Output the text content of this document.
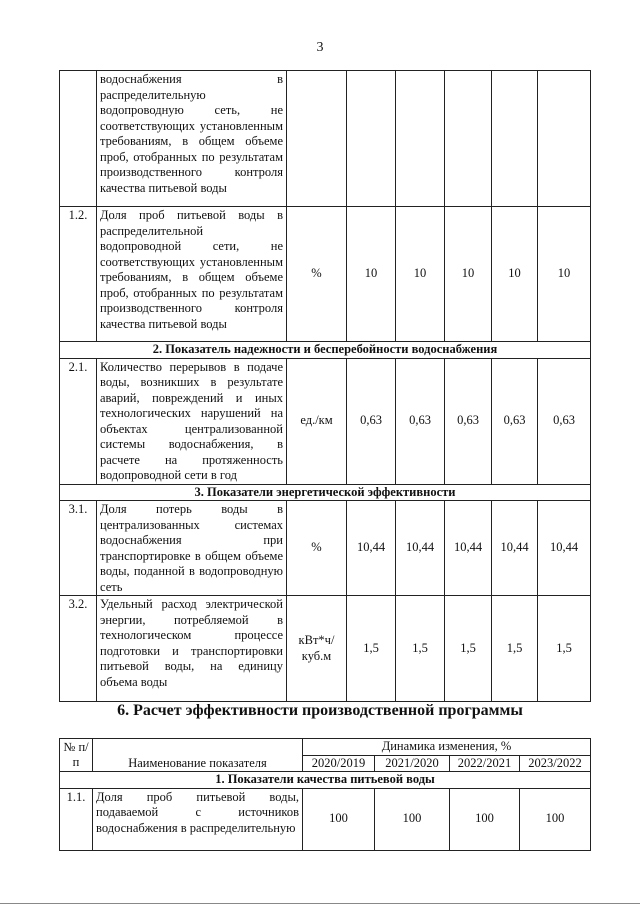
3
	водоснабжения в распределительную водопроводную сеть, не соответствующих установленным требованиям, в общем объеме проб, отобранных по результатам производственного контроля качества питьевой воды						
1.2.	Доля проб питьевой воды в распределительной водопроводной сети, не соответствующих установленным требованиям, в общем объеме проб, отобранных по результатам производственного контроля качества питьевой воды	%	10	10	10	10	10
2. Показатель надежности и бесперебойности водоснабжения							
2.1.	Количество перерывов в подаче воды, возникших в результате аварий, повреждений и иных технологических нарушений на объектах централизованной системы водоснабжения, в расчете на протяженность водопроводной сети в год	ед./км	0,63	0,63	0,63	0,63	0,63
3. Показатели энергетической эффективности							
3.1.	Доля потерь воды в централизованных системах водоснабжения при транспортировке в общем объеме воды, поданной в водопроводную сеть	%	10,44	10,44	10,44	10,44	10,44
3.2.	Удельный расход электрической энергии, потребляемой в технологическом процессе подготовки и транспортировки питьевой воды, на единицу объема воды	кВт*ч/ куб.м	1,5	1,5	1,5	1,5	1,5
6. Расчет эффективности производственной программы
№ п/п	Наименование показателя	Динамика изменения, %			
		2020/2019	2021/2020	2022/2021	2023/2022
1. Показатели качества питьевой воды					
1.1.	Доля проб питьевой воды, подаваемой с источников водоснабжения в распределительную	100	100	100	100
